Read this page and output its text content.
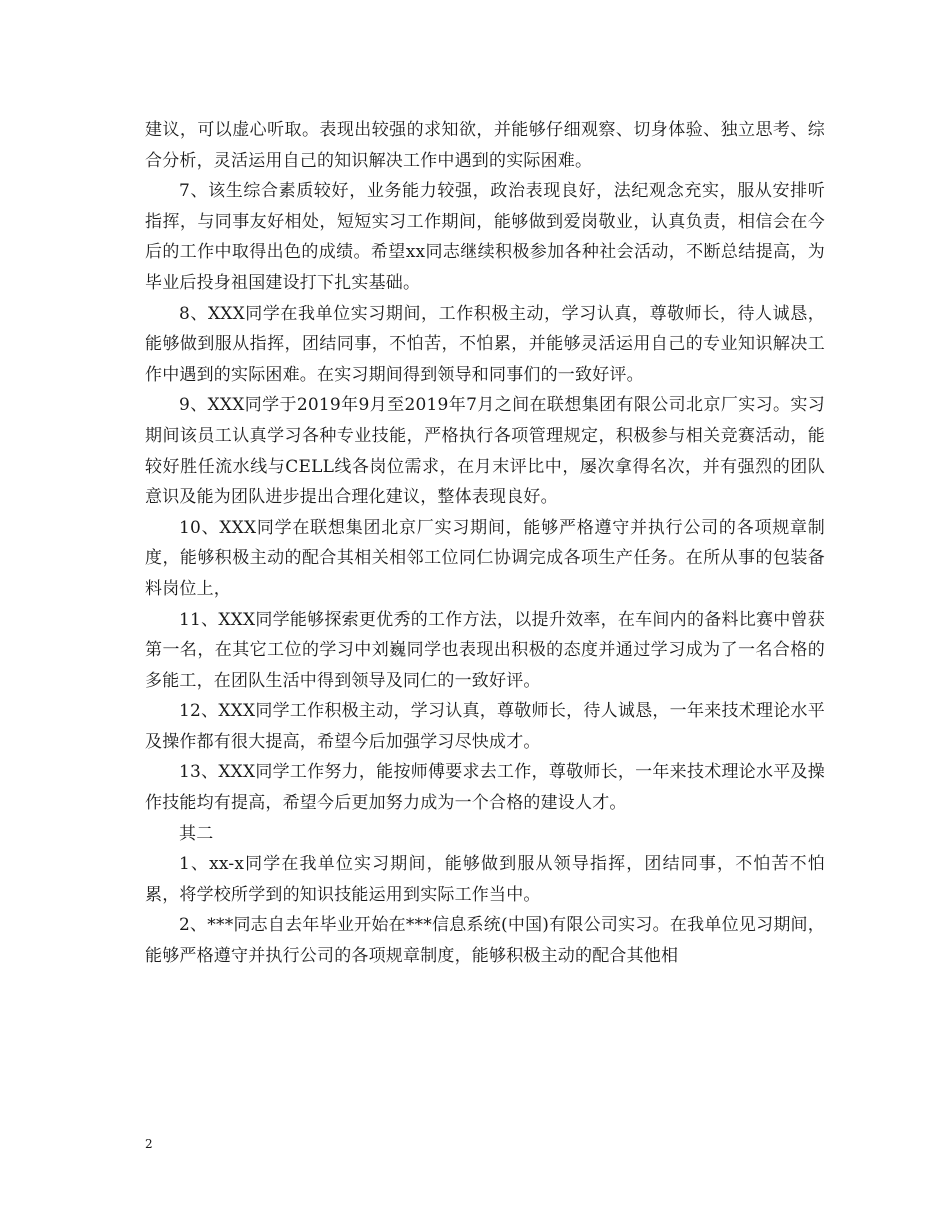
建议，可以虚心听取。表现出较强的求知欲，并能够仔细观察、切身体验、独立思考、综合分析，灵活运用自己的知识解决工作中遇到的实际困难。

7、该生综合素质较好，业务能力较强，政治表现良好，法纪观念充实，服从安排听指挥，与同事友好相处，短短实习工作期间，能够做到爱岗敬业，认真负责，相信会在今后的工作中取得出色的成绩。希望xx同志继续积极参加各种社会活动，不断总结提高，为毕业后投身祖国建设打下扎实基础。

8、XXX同学在我单位实习期间，工作积极主动，学习认真，尊敬师长，待人诚恳，能够做到服从指挥，团结同事，不怕苦，不怕累，并能够灵活运用自己的专业知识解决工作中遇到的实际困难。在实习期间得到领导和同事们的一致好评。

9、XXX同学于2019年9月至2019年7月之间在联想集团有限公司北京厂实习。实习期间该员工认真学习各种专业技能，严格执行各项管理规定，积极参与相关竞赛活动，能较好胜任流水线与CELL线各岗位需求，在月末评比中，屡次拿得名次，并有强烈的团队意识及能为团队进步提出合理化建议，整体表现良好。

10、XXX同学在联想集团北京厂实习期间，能够严格遵守并执行公司的各项规章制度，能够积极主动的配合其相关相邻工位同仁协调完成各项生产任务。在所从事的包装备料岗位上，

11、XXX同学能够探索更优秀的工作方法，以提升效率，在车间内的备料比赛中曾获第一名，在其它工位的学习中刘巍同学也表现出积极的态度并通过学习成为了一名合格的多能工，在团队生活中得到领导及同仁的一致好评。

12、XXX同学工作积极主动，学习认真，尊敬师长，待人诚恳，一年来技术理论水平及操作都有很大提高，希望今后加强学习尽快成才。

13、XXX同学工作努力，能按师傅要求去工作，尊敬师长，一年来技术理论水平及操作技能均有提高，希望今后更加努力成为一个合格的建设人才。

其二

1、xx-x同学在我单位实习期间，能够做到服从领导指挥，团结同事，不怕苦不怕累，将学校所学到的知识技能运用到实际工作当中。

2、***同志自去年毕业开始在***信息系统(中国)有限公司实习。在我单位见习期间，能够严格遵守并执行公司的各项规章制度，能够积极主动的配合其他相

2
